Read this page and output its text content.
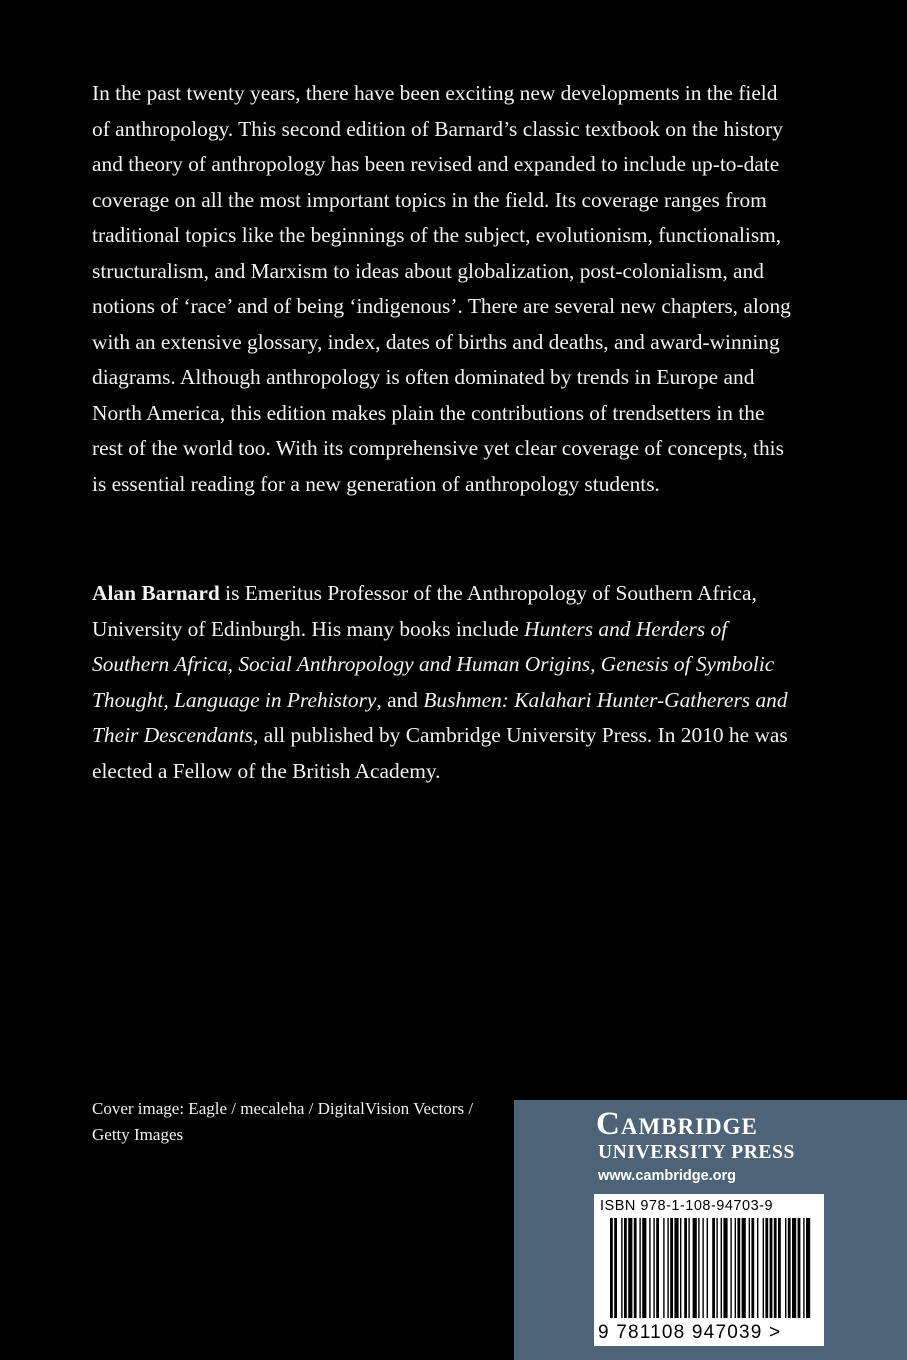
In the past twenty years, there have been exciting new developments in the field of anthropology. This second edition of Barnard’s classic textbook on the history and theory of anthropology has been revised and expanded to include up-to-date coverage on all the most important topics in the field. Its coverage ranges from traditional topics like the beginnings of the subject, evolutionism, functionalism, structuralism, and Marxism to ideas about globalization, post-colonialism, and notions of ‘race’ and of being ‘indigenous’. There are several new chapters, along with an extensive glossary, index, dates of births and deaths, and award-winning diagrams. Although anthropology is often dominated by trends in Europe and North America, this edition makes plain the contributions of trendsetters in the rest of the world too. With its comprehensive yet clear coverage of concepts, this is essential reading for a new generation of anthropology students.

Alan Barnard is Emeritus Professor of the Anthropology of Southern Africa, University of Edinburgh. His many books include Hunters and Herders of Southern Africa, Social Anthropology and Human Origins, Genesis of Symbolic Thought, Language in Prehistory, and Bushmen: Kalahari Hunter-Gatherers and Their Descendants, all published by Cambridge University Press. In 2010 he was elected a Fellow of the British Academy.

Cover image: Eagle / mecaleha / DigitalVision Vectors / Getty Images	Cambridge
UNIVERSITY PRESS
www.cambridge.org
ISBN 978-1-108-94703-9
9 781108 947039 >
